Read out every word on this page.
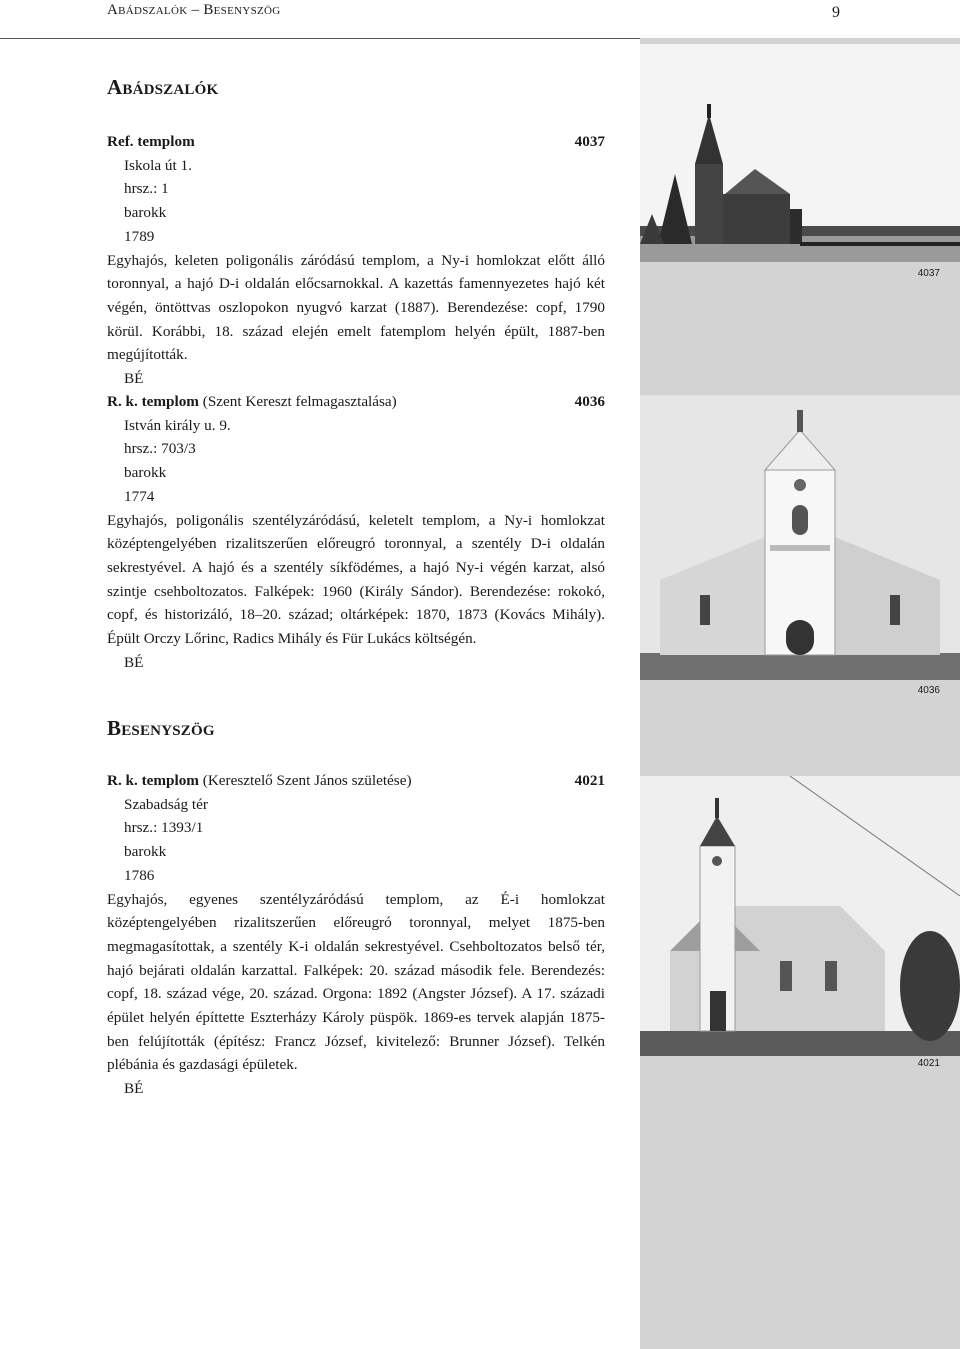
Abádszalók – Besenyszög	9
4037
4036
4021
Abádszalók
Ref. templom	4037
Iskola út 1.
hrsz.: 1
barokk
1789
Egyhajós, keleten poligonális záródású templom, a Ny-i homlokzat előtt álló toronnyal, a hajó D-i oldalán előcsarnokkal. A kazettás famennyezetes hajó két végén, öntöttvas oszlopokon nyugvó karzat (1887). Berendezése: copf, 1790 körül. Korábbi, 18. század elején emelt fatemplom helyén épült, 1887-ben megújították.
BÉ
R. k. templom (Szent Kereszt felmagasztalása)	4036
István király u. 9.
hrsz.: 703/3
barokk
1774
Egyhajós, poligonális szentélyzáródású, keletelt templom, a Ny-i homlokzat középtengelyében rizalitszerűen előreugró toronnyal, a szentély D-i oldalán sekrestyével. A hajó és a szentély síkfödémes, a hajó Ny-i végén karzat, alsó szintje csehboltozatos. Falképek: 1960 (Király Sándor). Berendezése: rokokó, copf, és historizáló, 18–20. század; oltárképek: 1870, 1873 (Kovács Mihály). Épült Orczy Lőrinc, Radics Mihály és Für Lukács költségén.
BÉ
Besenyszög
R. k. templom (Keresztelő Szent János születése)	4021
Szabadság tér
hrsz.: 1393/1
barokk
1786
Egyhajós, egyenes szentélyzáródású templom, az É-i homlokzat középtengelyében rizalitszerűen előreugró toronnyal, melyet 1875-ben megmagasítottak, a szentély K-i oldalán sekrestyével. Csehboltozatos belső tér, hajó bejárati oldalán karzattal. Falképek: 20. század második fele. Berendezés: copf, 18. század vége, 20. század. Orgona: 1892 (Angster József). A 17. századi épület helyén építtette Eszterházy Károly püspök. 1869-es tervek alapján 1875-ben felújították (építész: Francz József, kivitelező: Brunner József). Telkén plébánia és gazdasági épületek.
BÉ
